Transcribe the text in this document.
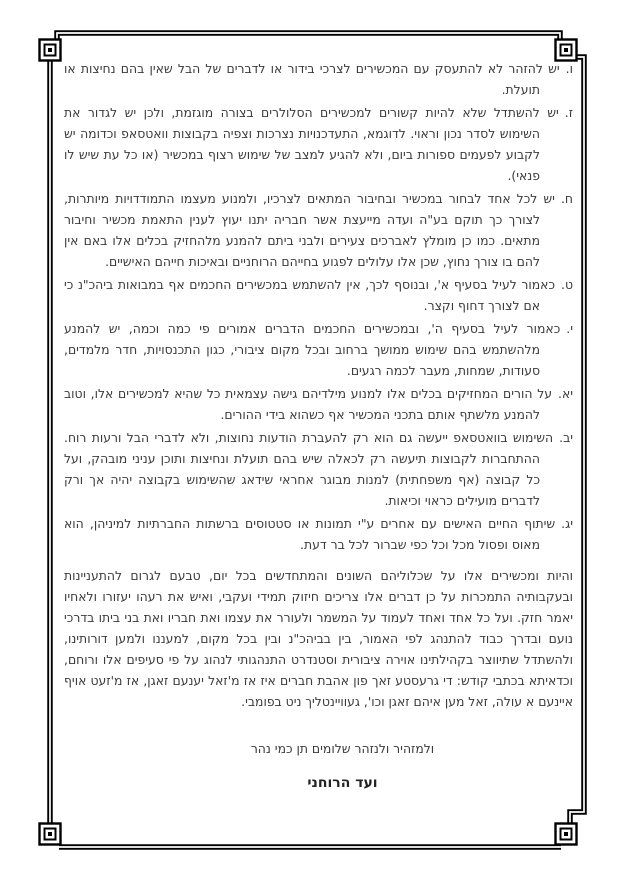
ו.יש להזהר לא להתעסק עם המכשירים לצרכי בידור או לדברים של הבל שאין בהם נחיצות או תועלת.
ז.יש להשתדל שלא להיות קשורים למכשירים הסלולרים בצורה מוגזמת, ולכן יש לגדור את השימוש לסדר נכון וראוי. לדוגמא, התעדכנויות נצרכות וצפיה בקבוצות וואטסאפ וכדומה יש לקבוע לפעמים ספורות ביום, ולא להגיע למצב של שימוש רצוף במכשיר (או כל עת שיש לו פנאי).
ח.יש לכל אחד לבחור במכשיר ובחיבור המתאים לצרכיו, ולמנוע מעצמו התמודדויות מיותרות, לצורך כך תוקם בע"ה ועדה מייעצת אשר חבריה יתנו יעוץ לענין התאמת מכשיר וחיבור מתאים. כמו כן מומלץ לאברכים צעירים ולבני ביתם להמנע מלהחזיק בכלים אלו באם אין להם בו צורך נחוץ, שכן אלו עלולים לפגוע בחייהם הרוחניים ובאיכות חייהם האישיים.
ט.כאמור לעיל בסעיף א', ובנוסף לכך, אין להשתמש במכשירים החכמים אף במבואות ביהכ"נ כי אם לצורך דחוף וקצר.
י.כאמור לעיל בסעיף ה', ובמכשירים החכמים הדברים אמורים פי כמה וכמה, יש להמנע מלהשתמש בהם שימוש ממושך ברחוב ובכל מקום ציבורי, כגון התכנסויות, חדר מלמדים, סעודות, שמחות, מעבר לכמה רגעים.
יא.על הורים המחזיקים בכלים אלו למנוע מילדיהם גישה עצמאית כל שהיא למכשירים אלו, וטוב להמנע מלשתף אותם בתכני המכשיר אף כשהוא בידי ההורים.
יב.השימוש בוואטסאפ ייעשה גם הוא רק להעברת הודעות נחוצות, ולא לדברי הבל ורעות רוח. ההתחברות לקבוצות תיעשה רק לכאלה שיש בהם תועלת ונחיצות ותוכן עניני מובהק, ועל כל קבוצה (אף משפחתית) למנות מבוגר אחראי שידאג שהשימוש בקבוצה יהיה אך ורק לדברים מועילים כראוי וכיאות.
יג.שיתוף החיים האישים עם אחרים ע"י תמונות או סטטוסים ברשתות החברתיות למיניהן, הוא מאוס ופסול מכל וכל כפי שברור לכל בר דעת.

והיות ומכשירים אלו על שכלוליהם השונים והמתחדשים בכל יום, טבעם לגרום להתעניינות ובעקבותיה התמכרות על כן דברים אלו צריכים חיזוק תמידי ועקבי, ואיש את רעהו יעזורו ולאחיו יאמר חזק. ועל כל אחד ואחד לעמוד על המשמר ולעורר את עצמו ואת חבריו ואת בני ביתו בדרכי נועם ובדרך כבוד להתנהג לפי האמור, בין בביהכ"נ ובין בכל מקום, למעננו ולמען דורותינו, ולהשתדל שתיווצר בקהילתינו אוירה ציבורית וסטנדרט התנהגותי לנהוג על פי סעיפים אלו ורוחם, וכדאיתא בכתבי קודש: די גרעסטע זאך פון אהבת חברים איז אז מ'זאל יענעם זאגן, אז מ'זעט אויף איינעם א עולה, זאל מען איהם זאגן וכו', געוויינטליך ניט בפומבי.

ולמזהיר ולנזהר שלומים תן כמי נהר

ועד הרוחני
